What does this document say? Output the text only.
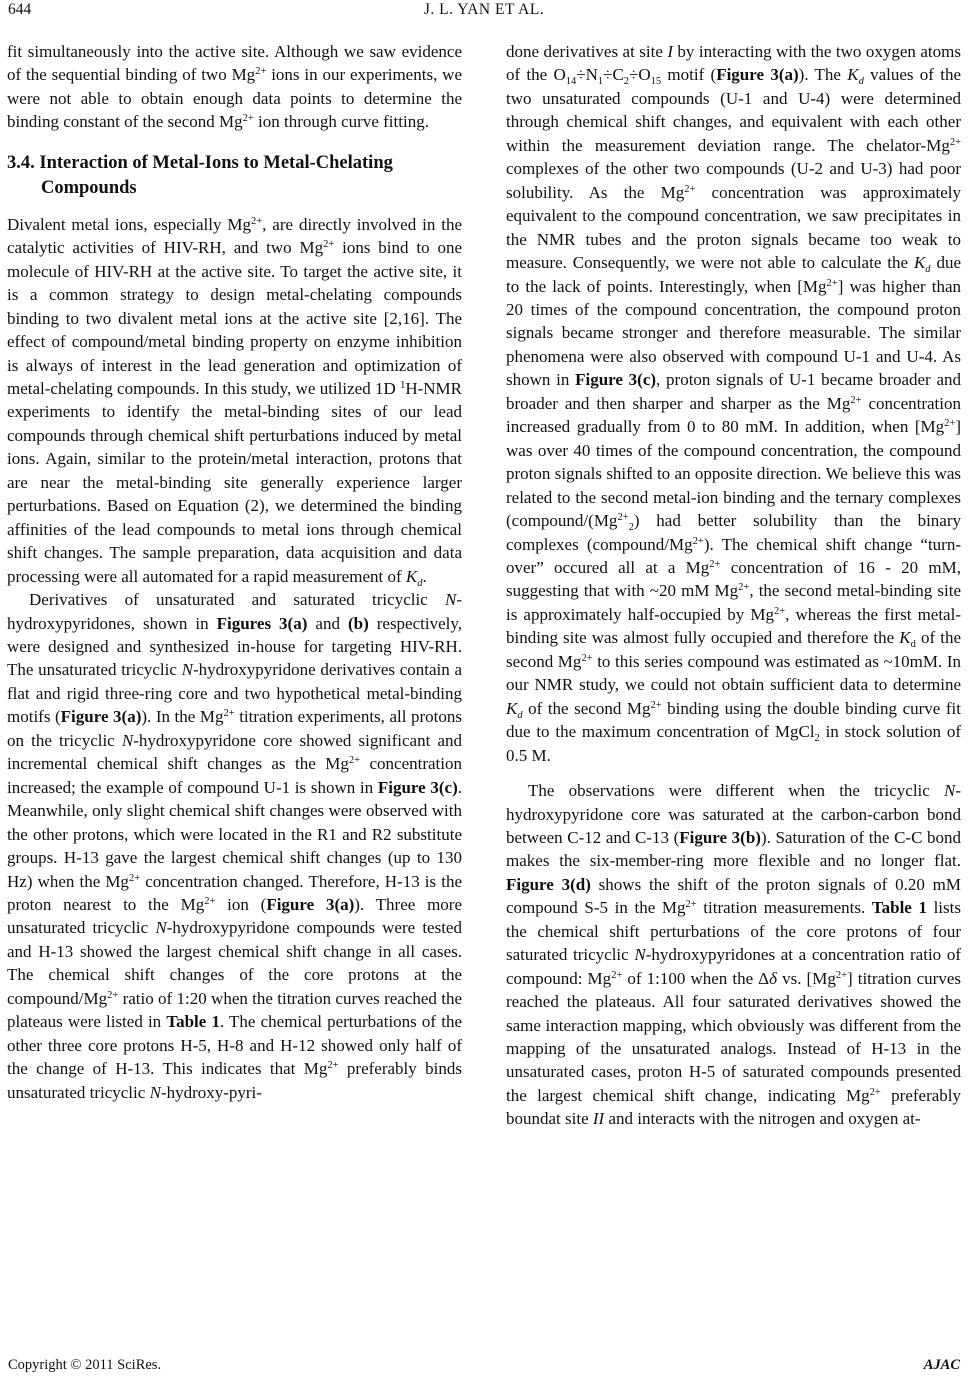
644	J. L. YAN ET AL.

fit simultaneously into the active site. Although we saw evidence of the sequential binding of two $Mg^{2+}$ ions in our experiments, we were not able to obtain enough data points to determine the binding constant of the second $Mg^{2+}$ ion through curve fitting.

3.4. Interaction of Metal-Ions to Metal-Chelating
Compounds

Divalent metal ions, especially $Mg^{2+}$, are directly involved in the catalytic activities of HIV-RH, and two $Mg^{2+}$ ions bind to one molecule of HIV-RH at the active site. To target the active site, it is a common strategy to design metal-chelating compounds binding to two divalent metal ions at the active site [2,16]. The effect of compound/metal binding property on enzyme inhibition is always of interest in the lead generation and optimization of metal-chelating compounds. In this study, we utilized 1D $^1$H-NMR experiments to identify the metal-binding sites of our lead compounds through chemical shift perturbations induced by metal ions. Again, similar to the protein/metal interaction, protons that are near the metal-binding site generally experience larger perturbations. Based on Equation (2), we determined the binding affinities of the lead compounds to metal ions through chemical shift changes. The sample preparation, data acquisition and data processing were all automated for a rapid measurement of $K_d$.

Derivatives of unsaturated and saturated tricyclic N-hydroxypyridones, shown in Figures 3(a) and (b) respectively, were designed and synthesized in-house for targeting HIV-RH. The unsaturated tricyclic N-hydroxypyridone derivatives contain a flat and rigid three-ring core and two hypothetical metal-binding motifs (Figure 3(a)). In the $Mg^{2+}$ titration experiments, all protons on the tricyclic N-hydroxypyridone core showed significant and incremental chemical shift changes as the $Mg^{2+}$ concentration increased; the example of compound U-1 is shown in Figure 3(c). Meanwhile, only slight chemical shift changes were observed with the other protons, which were located in the R1 and R2 substitute groups. H-13 gave the largest chemical shift changes (up to 130 Hz) when the $Mg^{2+}$ concentration changed. Therefore, H-13 is the proton nearest to the $Mg^{2+}$ ion (Figure 3(a)). Three more unsaturated tricyclic N-hydroxypyridone compounds were tested and H-13 showed the largest chemical shift change in all cases. The chemical shift changes of the core protons at the compound/$Mg^{2+}$ ratio of 1:20 when the titration curves reached the plateaus were listed in Table 1. The chemical perturbations of the other three core protons H-5, H-8 and H-12 showed only half of the change of H-13. This indicates that $Mg^{2+}$ preferably binds unsaturated tricyclic N-hydroxy-pyri-

done derivatives at site I by interacting with the two oxygen atoms of the $O_{14}\div N_1\div C_2\div O_{15}$ motif (Figure 3(a)). The $K_d$ values of the two unsaturated compounds (U-1 and U-4) were determined through chemical shift changes, and equivalent with each other within the measurement deviation range. The chelator-$Mg^{2+}$ complexes of the other two compounds (U-2 and U-3) had poor solubility. As the $Mg^{2+}$ concentration was approximately equivalent to the compound concentration, we saw precipitates in the NMR tubes and the proton signals became too weak to measure. Consequently, we were not able to calculate the $K_d$ due to the lack of points. Interestingly, when $[Mg^{2+}]$ was higher than 20 times of the compound concentration, the compound proton signals became stronger and therefore measurable. The similar phenomena were also observed with compound U-1 and U-4. As shown in Figure 3(c), proton signals of U-1 became broader and broader and then sharper and sharper as the $Mg^{2+}$ concentration increased gradually from 0 to 80 mM. In addition, when $[Mg^{2+}]$ was over 40 times of the compound concentration, the compound proton signals shifted to an opposite direction. We believe this was related to the second metal-ion binding and the ternary complexes ($compound/(Mg^{2+}_2)$ had better solubility than the binary complexes $(compound/Mg^{2+})$. The chemical shift change “turn-over” occured all at a $Mg^{2+}$ concentration of 16 - 20 mM, suggesting that with ~20 mM $Mg^{2+}$, the second metal-binding site is approximately half-occupied by $Mg^{2+}$, whereas the first metal-binding site was almost fully occupied and therefore the $K_d$ of the second $Mg^{2+}$ to this series compound was estimated as ~10mM. In our NMR study, we could not obtain sufficient data to determine $K_d$ of the second $Mg^{2+}$ binding using the double binding curve fit due to the maximum concentration of MgCl$_2$ in stock solution of 0.5 M.

The observations were different when the tricyclic N-hydroxypyridone core was saturated at the carbon-carbon bond between C-12 and C-13 (Figure 3(b)). Saturation of the C-C bond makes the six-member-ring more flexible and no longer flat. Figure 3(d) shows the shift of the proton signals of 0.20 mM compound S-5 in the $Mg^{2+}$ titration measurements. Table 1 lists the chemical shift perturbations of the core protons of four saturated tricyclic N-hydroxypyridones at a concentration ratio of compound: $Mg^{2+}$ of 1:100 when the Δδ vs. $[Mg^{2+}]$ titration curves reached the plateaus. All four saturated derivatives showed the same interaction mapping, which obviously was different from the mapping of the unsaturated analogs. Instead of H-13 in the unsaturated cases, proton H-5 of saturated compounds presented the largest chemical shift change, indicating $Mg^{2+}$ preferably boundat site II and interacts with the nitrogen and oxygen at-

Copyright © 2011 SciRes.	AJAC
